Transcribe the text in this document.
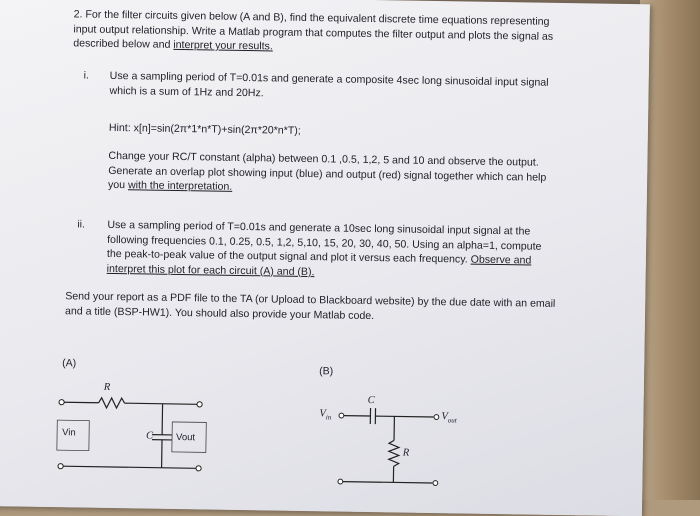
2. For the filter circuits given below (A and B), find the equivalent discrete time equations representing input output relationship. Write a Matlab program that computes the filter output and plots the signal as described below and interpret your results.
i. Use a sampling period of T=0.01s and generate a composite 4sec long sinusoidal input signal which is a sum of 1Hz and 20Hz.
Hint: x[n]=sin(2π*1*n*T)+sin(2π*20*n*T);
Change your RC/T constant (alpha) between 0.1 ,0.5, 1,2, 5 and 10 and observe the output. Generate an overlap plot showing input (blue) and output (red) signal together which can help you with the interpretation.
ii. Use a sampling period of T=0.01s and generate a 10sec long sinusoidal input signal at the following frequencies 0.1, 0.25, 0.5, 1,2, 5,10, 15, 20, 30, 40, 50. Using an alpha=1, compute the peak-to-peak value of the output signal and plot it versus each frequency. Observe and interpret this plot for each circuit (A) and (B).
Send your report as a PDF file to the TA (or Upload to Blackboard website) by the due date with an email and a title (BSP-HW1). You should also provide your Matlab code.
(A)
(B)
R
C
Vin	Vout
C
R
$V_{in}$	$V_{out}$
